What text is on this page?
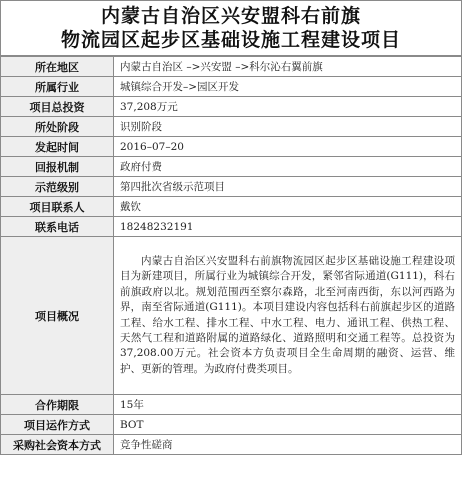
内蒙古自治区兴安盟科右前旗
物流园区起步区基础设施工程建设项目
所在地区	内蒙古自治区 –>兴安盟 –>科尔沁右翼前旗
所属行业	城镇综合开发–>园区开发
项目总投资	37,208万元
所处阶段	识别阶段
发起时间	2016–07–20
回报机制	政府付费
示范级别	第四批次省级示范项目
项目联系人	戴钦
联系电话	18248232191
项目概况	内蒙古自治区兴安盟科右前旗物流园区起步区基础设施工程建设项目为新建项目，所属行业为城镇综合开发，紧邻省际通道(G111)，科右前旗政府以北。规划范围西至察尔森路，北至河南西街，东以河西路为界，南至省际通道(G111)。本项目建设内容包括科右前旗起步区的道路工程、给水工程、排水工程、中水工程、电力、通讯工程、供热工程、天然气工程和道路附属的道路绿化、道路照明和交通工程等。总投资为37,208.00万元。社会资本方负责项目全生命周期的融资、运营、维护、更新的管理。为政府付费类项目。
合作期限	15年
项目运作方式	BOT
采购社会资本方式	竞争性磋商
